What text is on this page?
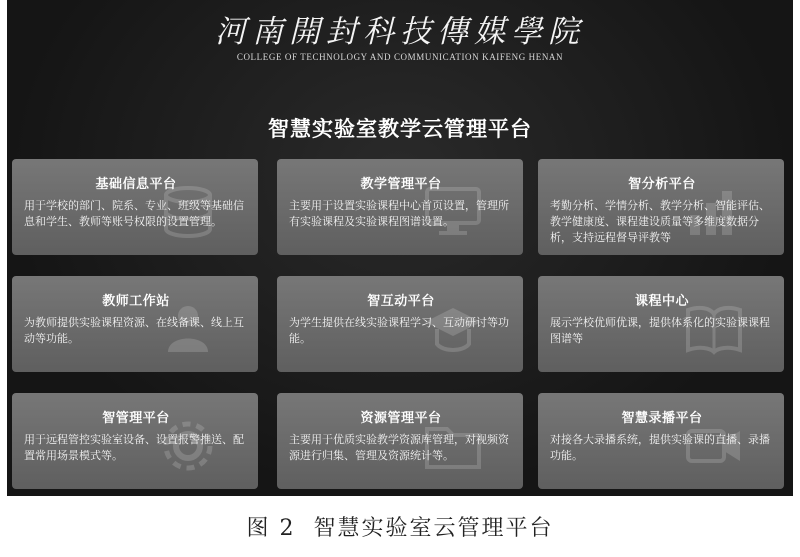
河南開封科技傳媒學院
COLLEGE OF TECHNOLOGY AND COMMUNICATION KAIFENG HENAN
智慧实验室教学云管理平台
基础信息平台

用于学校的部门、院系、专业、班级等基础信息和学生、教师等账号权限的设置管理。

教学管理平台

主要用于设置实验课程中心首页设置，管理所有实验课程及实验课程图谱设置。

智分析平台

考勤分析、学情分析、教学分析、智能评估、教学健康度、课程建设质量等多维度数据分析，支持远程督导评教等

教师工作站

为教师提供实验课程资源、在线备课、线上互动等功能。

智互动平台

为学生提供在线实验课程学习、互动研讨等功能。

课程中心

展示学校优师优课，提供体系化的实验课课程图谱等

智管理平台

用于远程管控实验室设备、设置报警推送、配置常用场景模式等。

资源管理平台

主要用于优质实验教学资源库管理，对视频资源进行归集、管理及资源统计等。

智慧录播平台

对接各大录播系统，提供实验课的直播、录播功能。

图 2 智慧实验室云管理平台
